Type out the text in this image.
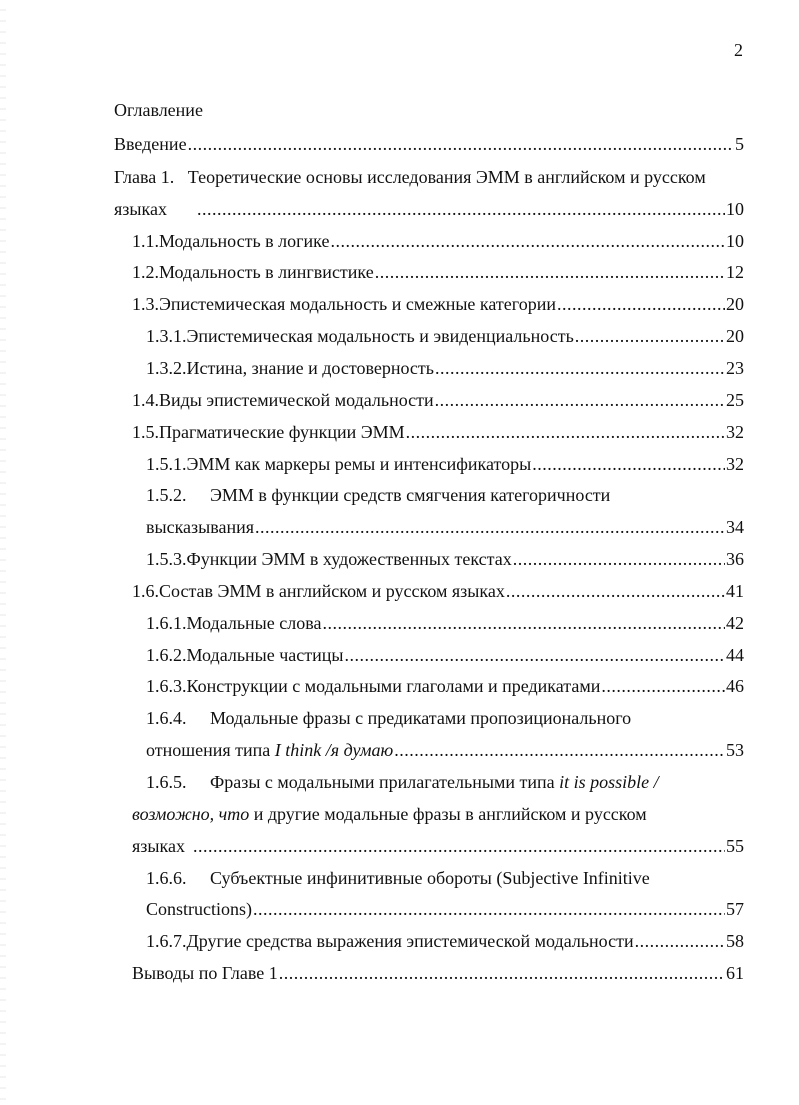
2
Оглавление
Введение .....	5
Глава 1. Теоретические основы исследования ЭММ в английском и русском
языках .....	10
1.1. Модальность в логике .....	10
1.2. Модальность в лингвистике .....	12
1.3. Эпистемическая модальность и смежные категории .....	20
1.3.1. Эпистемическая модальность и эвиденциальность .....	20
1.3.2. Истина, знание и достоверность .....	23
1.4. Виды эпистемической модальности .....	25
1.5. Прагматические функции ЭММ .....	32
1.5.1. ЭММ как маркеры ремы и интенсификаторы .....	32
1.5.2. ЭММ в функции средств смягчения категоричности
высказывания .....	34
1.5.3. Функции ЭММ в художественных текстах .....	36
1.6. Состав ЭММ в английском и русском языках .....	41
1.6.1. Модальные слова .....	42
1.6.2. Модальные частицы .....	44
1.6.3. Конструкции с модальными глаголами и предикатами .....	46
1.6.4. Модальные фразы с предикатами пропозиционального
отношения типа
I think /я думаю .....	53
1.6.5. Фразы с модальными прилагательными типа it is possible /
возможно, что и другие модальные фразы в английском и русском
языках .....	55
1.6.6. Субъектные инфинитивные обороты (Subjective Infinitive
Constructions) .....	57
1.6.7. Другие средства выражения эпистемической модальности .....	58
Выводы по Главе 1 .....	61
